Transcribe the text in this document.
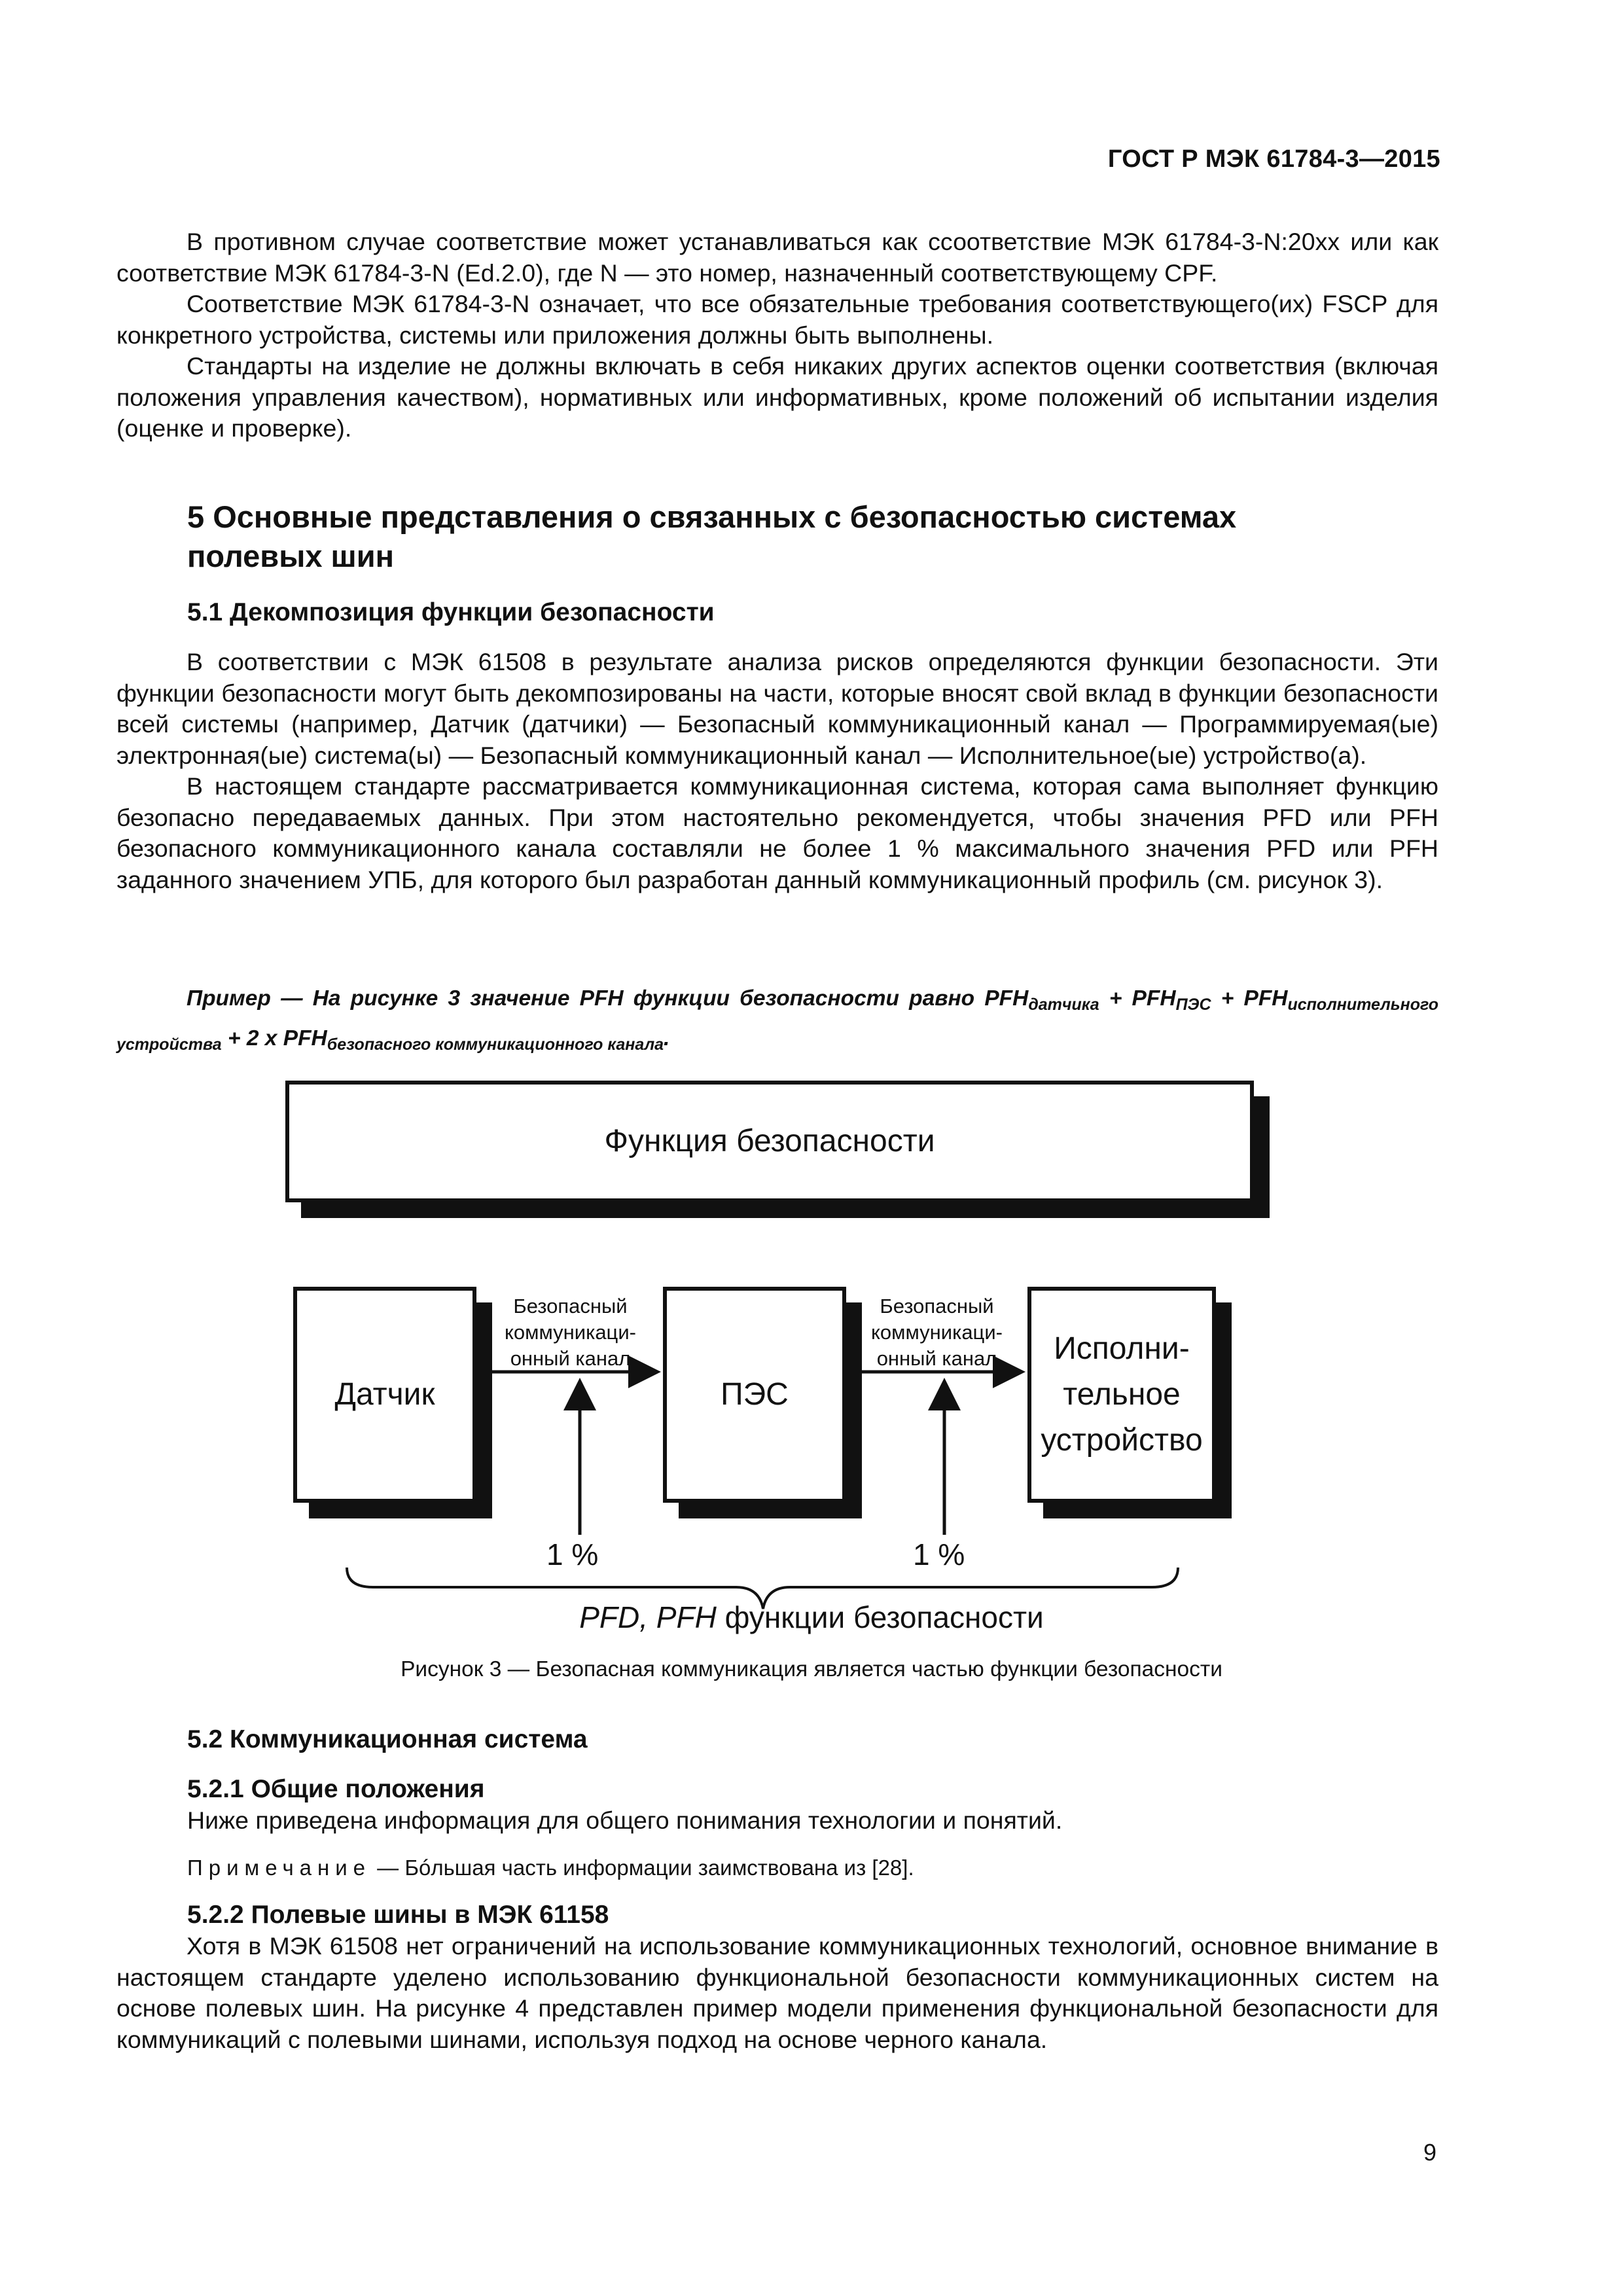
ГОСТ Р МЭК 61784-3—2015

В противном случае соответствие может устанавливаться как ссоответствие МЭК 61784-3-N:20xx или как соответствие МЭК 61784-3-N (Ed.2.0), где N — это номер, назначенный соответствующему CPF.

Соответствие МЭК 61784-3-N означает, что все обязательные требования соответствующего(их) FSCP для конкретного устройства, системы или приложения должны быть выполнены.

Стандарты на изделие не должны включать в себя никаких других аспектов оценки соответствия (включая положения управления качеством), нормативных или информативных, кроме положений об испытании изделия (оценке и проверке).

5 Основные представления о связанных с безопасностью системах
полевых шин
5.1 Декомпозиция функции безопасности

В соответствии с МЭК 61508 в результате анализа рисков определяются функции безопасности. Эти функции безопасности могут быть декомпозированы на части, которые вносят свой вклад в функции безопасности всей системы (например, Датчик (датчики) — Безопасный коммуникационный канал — Программируемая(ые) электронная(ые) система(ы) — Безопасный коммуникационный канал — Исполнительное(ые) устройство(а).

В настоящем стандарте рассматривается коммуникационная система, которая сама выполняет функцию безопасно передаваемых данных. При этом настоятельно рекомендуется, чтобы значения PFD или PFH безопасного коммуникационного канала составляли не более 1 % максимального значения PFD или PFH заданного значением УПБ, для которого был разработан данный коммуникационный профиль (см. рисунок 3).

Пример — На рисунке 3 значение PFH функции безопасности равно $PFH_{датчика} + PFH_{ПЭС} + PFH_{исполнительного устройства} + 2$ x $PFH_{безопасного коммуникационного канала}$.
Функция безопасности
Датчик	ПЭС
Исполни-
тельное
устройство
Безопасный
коммуникаци-
онный канал
Безопасный
коммуникаци-
онный канал
1 %	1 %
PFD, PFH функции безопасности
Рисунок 3 — Безопасная коммуникация является частью функции безопасности
5.2 Коммуникационная система
5.2.1 Общие положения

Ниже приведена информация для общего понимания технологии и понятий.

Примечание — Бóльшая часть информации заимствована из [28].
5.2.2 Полевые шины в МЭК 61158

Хотя в МЭК 61508 нет ограничений на использование коммуникационных технологий, основное внимание в настоящем стандарте уделено использованию функциональной безопасности коммуникационных систем на основе полевых шин. На рисунке 4 представлен пример модели применения функциональной безопасности для коммуникаций с полевыми шинами, используя подход на основе черного канала.

9
